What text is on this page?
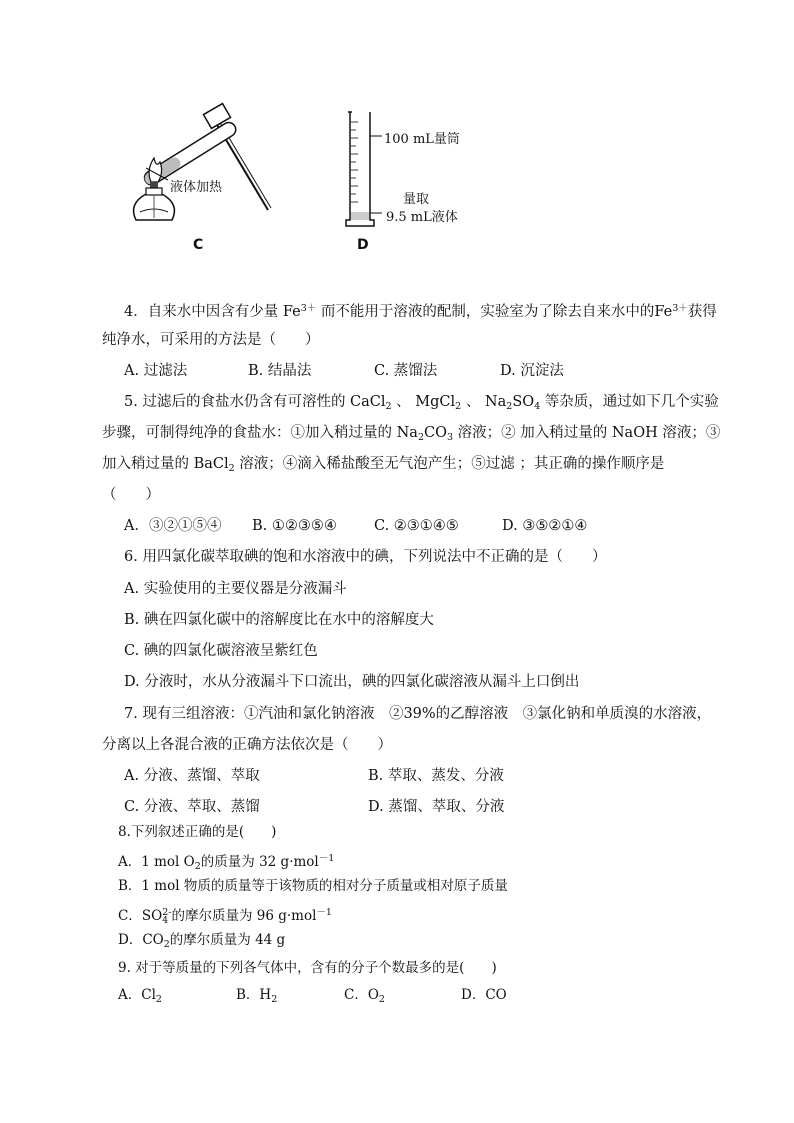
液体加热
C
100 mL量筒
量取
9.5 mL液体
D
4．自来水中因含有少量 $Fe^{3+}$ 而不能用于溶液的配制，实验室为了除去自来水中的$Fe^{3+}$获得
纯净水，可采用的方法是（　　）
A. 过滤法	B. 结晶法	C. 蒸馏法	D. 沉淀法
5. 过滤后的食盐水仍含有可溶性的 CaCl$_2$ 、 MgCl$_2$ 、 $Na_2SO_4$ 等杂质，通过如下几个实验
步骤，可制得纯净的食盐水：①加入稍过量的 $Na_2CO_3$ 溶液；② 加入稍过量的 NaOH 溶液；③
加入稍过量的 BaCl$_2$ 溶液；④滴入稀盐酸至无气泡产生；⑤过滤 ；其正确的操作顺序是
（　　）
A．③②①⑤④ B. ①②③⑤④	C. ②③①④⑤	D. ③⑤②①④
6. 用四氯化碳萃取碘的饱和水溶液中的碘，下列说法中不正确的是（　　）
A. 实验使用的主要仪器是分液漏斗
B. 碘在四氯化碳中的溶解度比在水中的溶解度大
C. 碘的四氯化碳溶液呈紫红色
D. 分液时，水从分液漏斗下口流出，碘的四氯化碳溶液从漏斗上口倒出
7. 现有三组溶液：①汽油和氯化钠溶液　②39%的乙醇溶液　③氯化钠和单质溴的水溶液，
分离以上各混合液的正确方法依次是（　　）
A. 分液、蒸馏、萃取	B. 萃取、蒸发、分液
C. 分液、萃取、蒸馏	D. 蒸馏、萃取、分液
8.下列叙述正确的是(　　)
A．1 mol $O_2$的质量为 32 g·mol$^{-1}$
B．1 mol 物质的质量等于该物质的相对分子质量或相对原子质量
C．$SO_4^{2-}$的摩尔质量为 96 g·mol$^{-1}$
D．$CO_2$的摩尔质量为 44 g
9. 对于等质量的下列各气体中，含有的分子个数最多的是(　　)
A．$Cl_2$	B．$H_2$	C．$O_2$	D．CO
